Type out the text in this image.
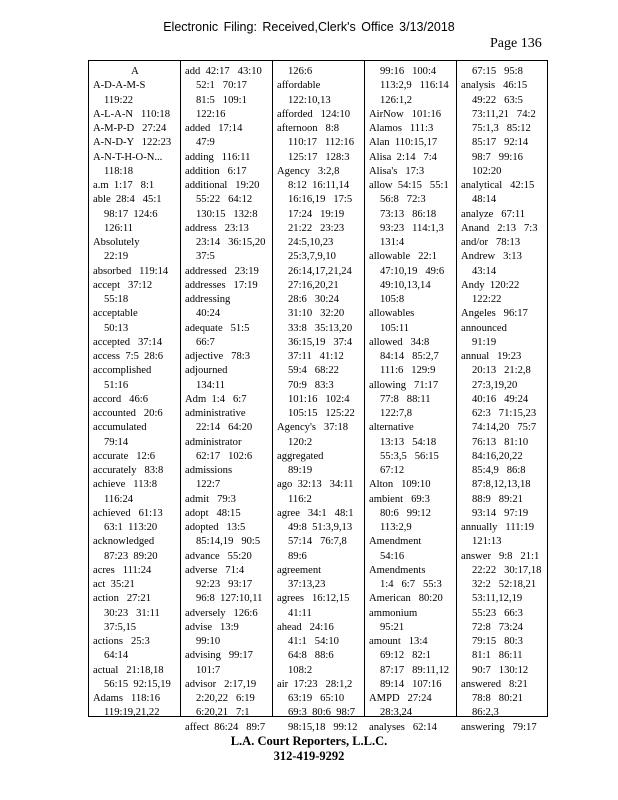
Electronic Filing: Received,Clerk's Office 3/13/2018
Page 136
A
A-D-A-M-S
119:22
A-L-A-N   110:18
A-M-P-D   27:24
A-N-D-Y   122:23
A-N-T-H-O-N...
118:18
a.m  1:17   8:1
able  28:4   45:1
98:17  124:6
126:11
Absolutely
22:19
absorbed   119:14
accept   37:12
55:18
acceptable
50:13
accepted   37:14
access  7:5  28:6
accomplished
51:16
accord   46:6
accounted   20:6
accumulated
79:14
accurate   12:6
accurately   83:8
achieve   113:8
116:24
achieved   61:13
63:1  113:20
acknowledged
87:23  89:20
acres   111:24
act  35:21
action   27:21
30:23   31:11
37:5,15
actions   25:3
64:14
actual   21:18,18
56:15  92:15,19
Adams   118:16
119:19,21,22
add  42:17   43:10
52:1   70:17
81:5   109:1
122:16
added   17:14
47:9
adding   116:11
addition   6:17
additional   19:20
55:22   64:12
130:15   132:8
address   23:13
23:14   36:15,20
37:5
addressed   23:19
addresses   17:19
addressing
40:24
adequate   51:5
66:7
adjective   78:3
adjourned
134:11
Adm  1:4   6:7
administrative
22:14   64:20
administrator
62:17   102:6
admissions
122:7
admit   79:3
adopt   48:15
adopted   13:5
85:14,19   90:5
advance   55:20
adverse   71:4
92:23   93:17
96:8  127:10,11
adversely   126:6
advise   13:9
99:10
advising   99:17
101:7
advisor   2:17,19
2:20,22   6:19
6:20,21   7:1
affect  86:24   89:7
126:6
affordable
122:10,13
afforded   124:10
afternoon   8:8
110:17   112:16
125:17   128:3
Agency   3:2,8
8:12  16:11,14
16:16,19   17:5
17:24   19:19
21:22   23:23
24:5,10,23
25:3,7,9,10
26:14,17,21,24
27:16,20,21
28:6   30:24
31:10   32:20
33:8   35:13,20
36:15,19   37:4
37:11   41:12
59:4   68:22
70:9   83:3
101:16   102:4
105:15   125:22
Agency's   37:18
120:2
aggregated
89:19
ago  32:13   34:11
116:2
agree   34:1   48:1
49:8  51:3,9,13
57:14   76:7,8
89:6
agreement
37:13,23
agrees   16:12,15
41:11
ahead   24:16
41:1   54:10
64:8   88:6
108:2
air  17:23   28:1,2
63:19   65:10
69:3  80:6  98:7
98:15,18   99:12
99:16   100:4
113:2,9   116:14
126:1,2
AirNow   101:16
Alamos   111:3
Alan  110:15,17
Alisa  2:14   7:4
Alisa's   17:3
allow  54:15   55:1
56:8   72:3
73:13   86:18
93:23   114:1,3
131:4
allowable   22:1
47:10,19   49:6
49:10,13,14
105:8
allowables
105:11
allowed   34:8
84:14   85:2,7
111:6   129:9
allowing   71:17
77:8   88:11
122:7,8
alternative
13:13   54:18
55:3,5   56:15
67:12
Alton   109:10
ambient   69:3
80:6   99:12
113:2,9
Amendment
54:16
Amendments
1:4   6:7   55:3
American   80:20
ammonium
95:21
amount   13:4
69:12   82:1
87:17   89:11,12
89:14   107:16
AMPD   27:24
28:3,24
analyses   62:14
67:15   95:8
analysis   46:15
49:22   63:5
73:11,21   74:2
75:1,3   85:12
85:17   92:14
98:7   99:16
102:20
analytical   42:15
48:14
analyze   67:11
Anand   2:13   7:3
and/or   78:13
Andrew   3:13
43:14
Andy  120:22
122:22
Angeles   96:17
announced
91:19
annual   19:23
20:13   21:2,8
27:3,19,20
40:16   49:24
62:3   71:15,23
74:14,20   75:7
76:13   81:10
84:16,20,22
85:4,9   86:8
87:8,12,13,18
88:9   89:21
93:14   97:19
annually   111:19
121:13
answer   9:8   21:1
22:22   30:17,18
32:2   52:18,21
53:11,12,19
55:23   66:3
72:8   73:24
79:15   80:3
81:1   86:11
90:7   130:12
answered   8:21
78:8   80:21
86:2,3
answering   79:17
L.A. Court Reporters, L.L.C.
312-419-9292
